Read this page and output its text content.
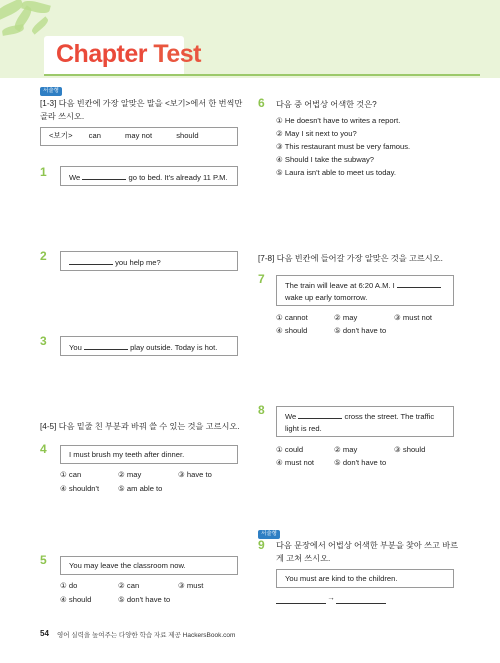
Chapter Test
서술형
[1-3] 다음 빈칸에 가장 알맞은 말을 <보기>에서 한 번씩만
골라 쓰시오.
<보기> can	may not	should
1	We	go to bed. It's already 11 P.M.
2	you help me?
3	You	play outside. Today is hot.
[4-5] 다음 밑줄 친 부분과 바꿔 쓸 수 있는 것을 고르시오.
4	I must brush my teeth after dinner.
① can	② may	③ have to
④ shouldn't ⑤ am able to
5	You may leave the classroom now.
① do	② can	③ must
④ should	⑤ don't have to
6 다음 중 어법상 어색한 것은?
① He doesn't have to writes a report.
② May I sit next to you?
③ This restaurant must be very famous.
④ Should I take the subway?
⑤ Laura isn't able to meet us today.
[7-8] 다음 빈칸에 들어갈 가장 알맞은 것을 고르시오.
7	The train will leave at 6:20 A.M. I
wake up early tomorrow.
① cannot	② may	③ must not
④ should	⑤ don't have to
8	We	cross the street. The traffic
light is red.
① could	② may	③ should
④ must not	⑤ don't have to
서술형
9 다음 문장에서 어법상 어색한 부분을 찾아 쓰고 바르
게 고쳐 쓰시오.
You must are kind to the children.
→
54 영어 실력을 높여주는 다양한 학습 자료 제공 HackersBook.com
